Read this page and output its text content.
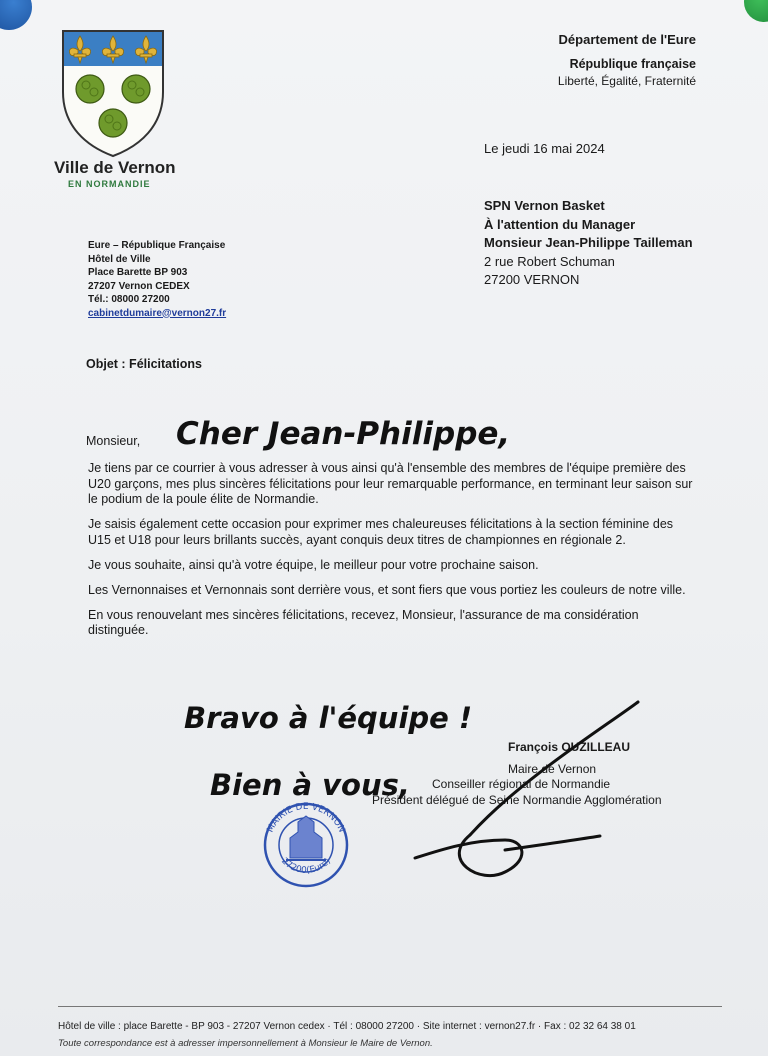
Ville de Vernon
EN NORMANDIE
Département de l'Eure
République française
Liberté, Égalité, Fraternité
Le jeudi 16 mai 2024
SPN Vernon Basket
À l'attention du Manager
Monsieur Jean-Philippe Tailleman
2 rue Robert Schuman
27200 VERNON
Eure – République Française
Hôtel de Ville
Place Barette BP 903
27207 Vernon CEDEX
Tél.: 08000 27200
cabinetdumaire@vernon27.fr
Objet : Félicitations
Monsieur,

Je tiens par ce courrier à vous adresser à vous ainsi qu'à l'ensemble des membres de l'équipe première des U20 garçons, mes plus sincères félicitations pour leur remarquable performance, en terminant leur saison sur le podium de la poule élite de Normandie.

Je saisis également cette occasion pour exprimer mes chaleureuses félicitations à la section féminine des U15 et U18 pour leurs brillants succès, ayant conquis deux titres de championnes en régionale 2.

Je vous souhaite, ainsi qu'à votre équipe, le meilleur pour votre prochaine saison.

Les Vernonnaises et Vernonnais sont derrière vous, et sont fiers que vous portiez les couleurs de notre ville.

En vous renouvelant mes sincères félicitations, recevez, Monsieur, l'assurance de ma considération distinguée.

François OUZILLEAU
Maire de Vernon
Conseiller régional de Normandie
Président délégué de Seine Normandie Agglomération
Cher Jean-Philippe,
Bravo à l'équipe !
Bien à vous,
MAIRIE DE VERNON
27200(Eure)
Hôtel de ville : place Barette - BP 903 - 27207 Vernon cedex · Tél : 08000 27200 · Site internet : vernon27.fr · Fax : 02 32 64 38 01
Toute correspondance est à adresser impersonnellement à Monsieur le Maire de Vernon.
